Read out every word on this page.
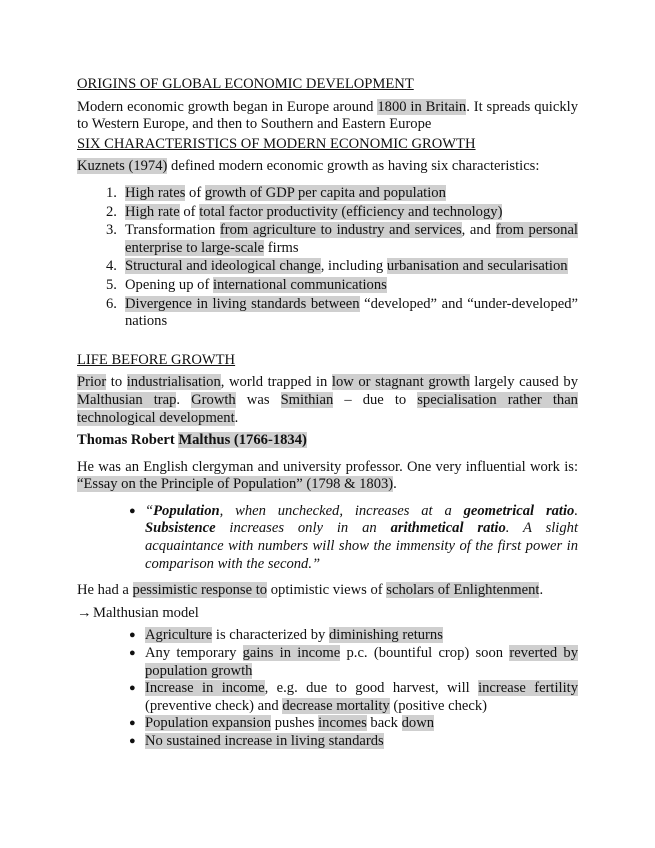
ORIGINS OF GLOBAL ECONOMIC DEVELOPMENT

Modern economic growth began in Europe around 1800 in Britain. It spreads quickly to Western Europe, and then to Southern and Eastern Europe

SIX CHARACTERISTICS OF MODERN ECONOMIC GROWTH

Kuznets (1974) defined modern economic growth as having six characteristics:

1. High rates of growth of GDP per capita and population
2. High rate of total factor productivity (efficiency and technology)
3. Transformation from agriculture to industry and services, and from personal enterprise to large-scale firms
4. Structural and ideological change, including urbanisation and secularisation
5. Opening up of international communications
6. Divergence in living standards between “developed” and “under-developed” nations
LIFE BEFORE GROWTH

Prior to industrialisation, world trapped in low or stagnant growth largely caused by Malthusian trap. Growth was Smithian – due to specialisation rather than technological development.

Thomas Robert Malthus (1766-1834)

He was an English clergyman and university professor. One very influential work is: “Essay on the Principle of Population” (1798 & 1803).

● “Population, when unchecked, increases at a geometrical ratio. Subsistence increases only in an arithmetical ratio. A slight acquaintance with numbers will show the immensity of the first power in comparison with the second.”

He had a pessimistic response to optimistic views of scholars of Enlightenment.

→Malthusian model
● Agriculture is characterized by diminishing returns
● Any temporary gains in income p.c. (bountiful crop) soon reverted by population growth
● Increase in income, e.g. due to good harvest, will increase fertility (preventive check) and decrease mortality (positive check)
● Population expansion pushes incomes back down
● No sustained increase in living standards
